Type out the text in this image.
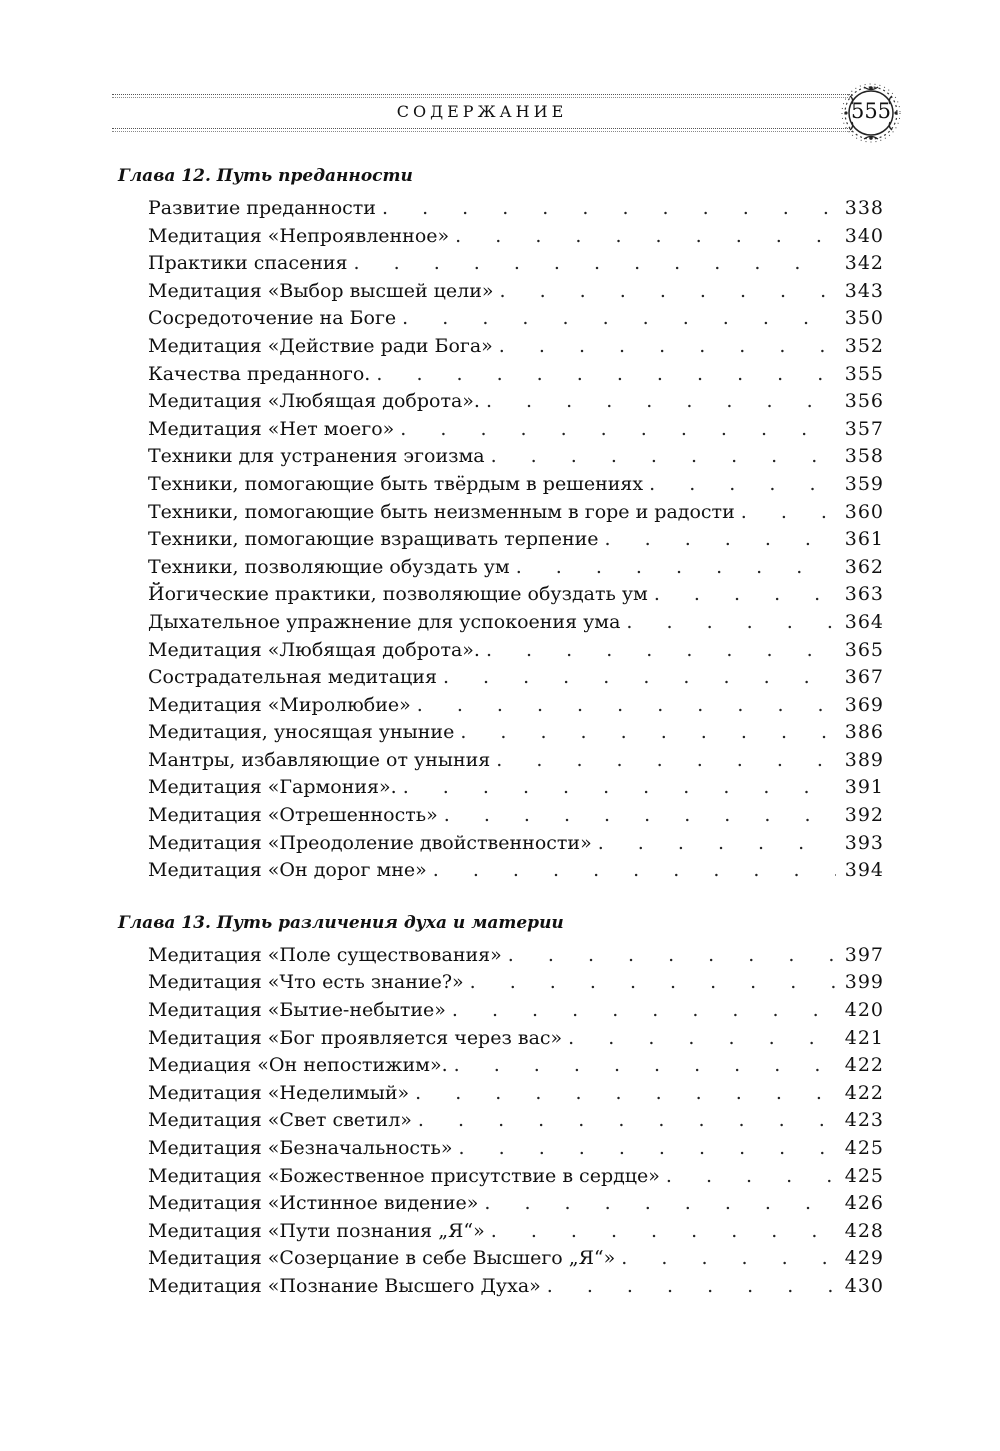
СОДЕРЖАНИЕ	555
Глава 12. Путь преданности
Развитие преданности . . .	338
Медитация «Непроявленное» . . .	340
Практики спасения . . .	342
Медитация «Выбор высшей цели» . . .	343
Сосредоточение на Боге . . .	350
Медитация «Действие ради Бога» . . .	352
Качества преданного. . . .	355
Медитация «Любящая доброта». . . .	356
Медитация «Нет моего» . . .	357
Техники для устранения эгоизма . . .	358
Техники, помогающие быть твёрдым в решениях . . .	359
Техники, помогающие быть неизменным в горе и радости . . .	360
Техники, помогающие взращивать терпение . . .	361
Техники, позволяющие обуздать ум . . .	362
Йогические практики, позволяющие обуздать ум . . .	363
Дыхательное упражнение для успокоения ума . . .	364
Медитация «Любящая доброта». . . .	365
Сострадательная медитация . . .	367
Медитация «Миролюбие» . . .	369
Медитация, уносящая уныние . . .	386
Мантры, избавляющие от уныния . . .	389
Медитация «Гармония». . . .	391
Медитация «Отрешенность» . . .	392
Медитация «Преодоление двойственности» . . .	393
Медитация «Он дорог мне» . . .	394
Глава 13. Путь различения духа и материи
Медитация «Поле существования» . . .	397
Медитация «Что есть знание?» . . .	399
Медитация «Бытие-небытие» . . .	420
Медитация «Бог проявляется через вас» . . .	421
Медиация «Он непостижим». . . .	422
Медитация «Неделимый» . . .	422
Медитация «Свет светил» . . .	423
Медитация «Безначальность» . . .	425
Медитация «Божественное присутствие в сердце» . . .	425
Медитация «Истинное видение» . . .	426
Медитация «Пути познания „Я“» . . .	428
Медитация «Созерцание в себе Высшего „Я“» . . .	429
Медитация «Познание Высшего Духа» . . .	430
